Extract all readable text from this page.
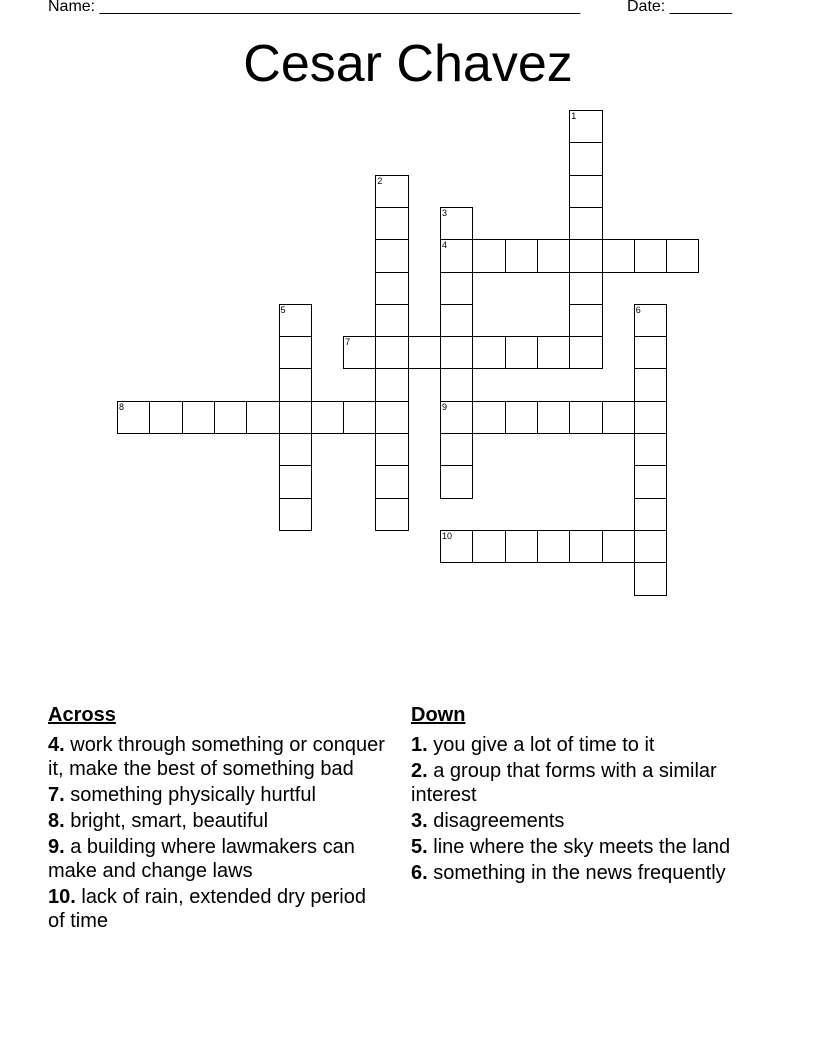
Name: ______________________________________________________	Date: _______
Cesar Chavez
1
2
3
4
9
5	6
7
8
10
Across
4. work through something or conquer it, make the best of something bad
7. something physically hurtful
8. bright, smart, beautiful
9. a building where lawmakers can make and change laws
10. lack of rain, extended dry period of time
Down
1. you give a lot of time to it
2. a group that forms with a similar interest
3. disagreements
5. line where the sky meets the land
6. something in the news frequently
